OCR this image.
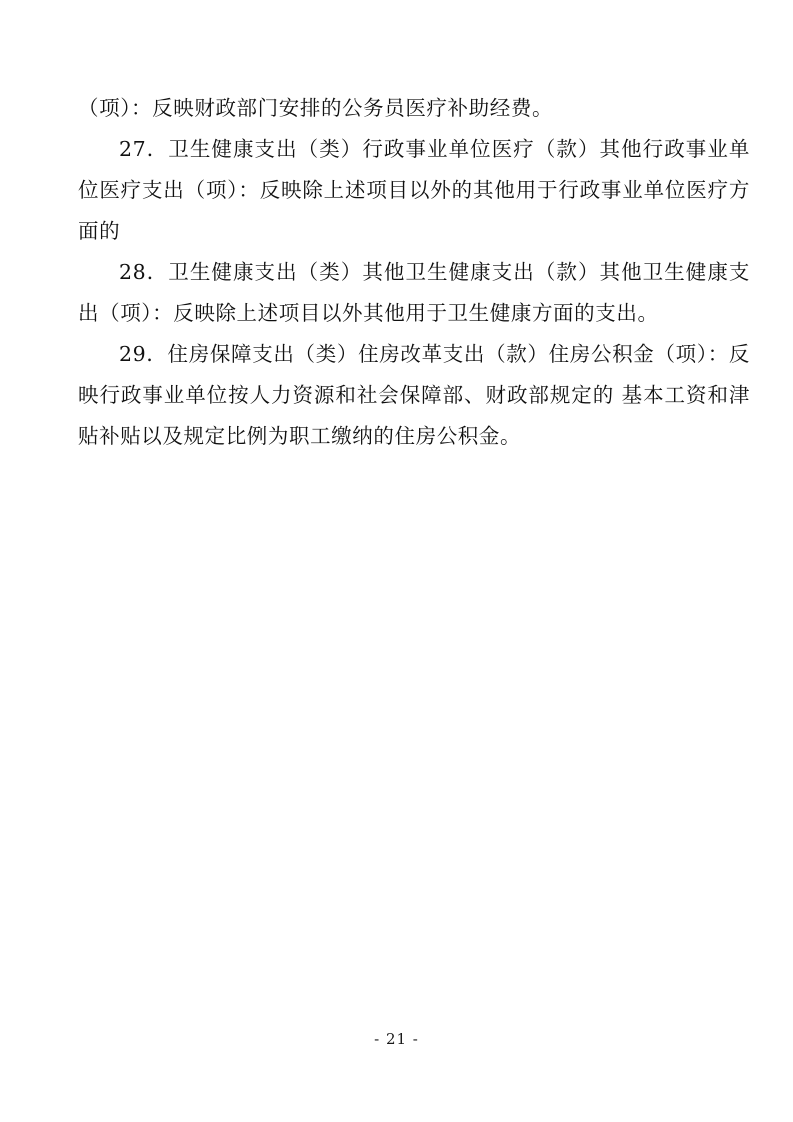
（项）：反映财政部门安排的公务员医疗补助经费。

27．卫生健康支出（类）行政事业单位医疗（款）其他行政事业单位医疗支出（项）：反映除上述项目以外的其他用于行政事业单位医疗方面的

28．卫生健康支出（类）其他卫生健康支出（款）其他卫生健康支出（项）：反映除上述项目以外其他用于卫生健康方面的支出。

29．住房保障支出（类）住房改革支出（款）住房公积金（项）：反映行政事业单位按人力资源和社会保障部、财政部规定的 基本工资和津贴补贴以及规定比例为职工缴纳的住房公积金。

- 21 -
